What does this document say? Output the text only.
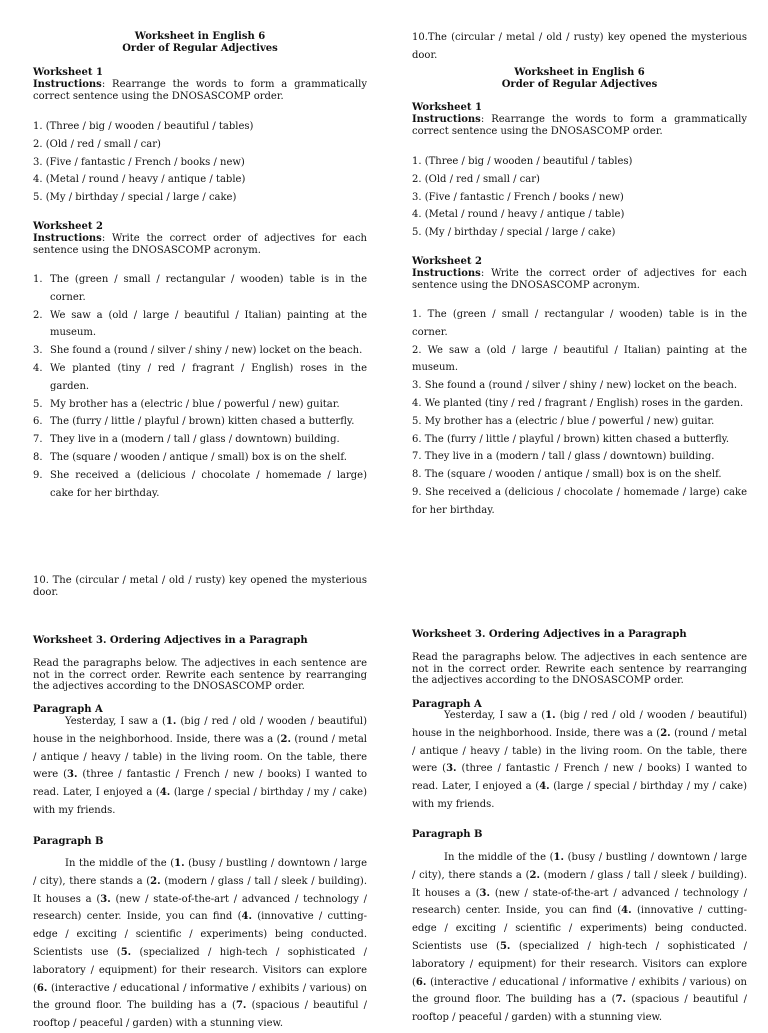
Worksheet in English 6
Order of Regular Adjectives
Worksheet 1
Instructions: Rearrange the words to form a grammatically correct sentence using the DNOSASCOMP order.
1. (Three / big / wooden / beautiful / tables)
2. (Old / red / small / car)
3. (Five / fantastic / French / books / new)
4. (Metal / round / heavy / antique / table)
5. (My / birthday / special / large / cake)
Worksheet 2
Instructions: Write the correct order of adjectives for each sentence using the DNOSASCOMP acronym.
1. The (green / small / rectangular / wooden) table is in the corner.
2. We saw a (old / large / beautiful / Italian) painting at the museum.
3. She found a (round / silver / shiny / new) locket on the beach.
4. We planted (tiny / red / fragrant / English) roses in the garden.
5. My brother has a (electric / blue / powerful / new) guitar.
6. The (furry / little / playful / brown) kitten chased a butterfly.
7. They live in a (modern / tall / glass / downtown) building.
8. The (square / wooden / antique / small) box is on the shelf.
9. She received a (delicious / chocolate / homemade / large) cake for her birthday.
10. The (circular / metal / old / rusty) key opened the mysterious door.
Worksheet 3. Ordering Adjectives in a Paragraph
Read the paragraphs below. The adjectives in each sentence are not in the correct order. Rewrite each sentence by rearranging the adjectives according to the DNOSASCOMP order.
Paragraph A
Yesterday, I saw a (1. (big / red / old / wooden / beautiful) house in the neighborhood. Inside, there was a (2. (round / metal / antique / heavy / table) in the living room. On the table, there were (3. (three / fantastic / French / new / books) I wanted to read. Later, I enjoyed a (4. (large / special / birthday / my / cake) with my friends.
Paragraph B
In the middle of the (1. (busy / bustling / downtown / large / city), there stands a (2. (modern / glass / tall / sleek / building). It houses a (3. (new / state-of-the-art / advanced / technology / research) center. Inside, you can find (4. (innovative / cutting-edge / exciting / scientific / experiments) being conducted. Scientists use (5. (specialized / high-tech / sophisticated / laboratory / equipment) for their research. Visitors can explore (6. (interactive / educational / informative / exhibits / various) on the ground floor. The building has a (7. (spacious / beautiful / rooftop / peaceful / garden) with a stunning view.
10.The (circular / metal / old / rusty) key opened the mysterious door.
Worksheet in English 6
Order of Regular Adjectives
Worksheet 1
Instructions: Rearrange the words to form a grammatically correct sentence using the DNOSASCOMP order.
1. (Three / big / wooden / beautiful / tables)
2. (Old / red / small / car)
3. (Five / fantastic / French / books / new)
4. (Metal / round / heavy / antique / table)
5. (My / birthday / special / large / cake)
Worksheet 2
Instructions: Write the correct order of adjectives for each sentence using the DNOSASCOMP acronym.
1. The (green / small / rectangular / wooden) table is in the corner.
2. We saw a (old / large / beautiful / Italian) painting at the museum.
3. She found a (round / silver / shiny / new) locket on the beach.
4. We planted (tiny / red / fragrant / English) roses in the garden.
5. My brother has a (electric / blue / powerful / new) guitar.
6. The (furry / little / playful / brown) kitten chased a butterfly.
7. They live in a (modern / tall / glass / downtown) building.
8. The (square / wooden / antique / small) box is on the shelf.
9. She received a (delicious / chocolate / homemade / large) cake for her birthday.
Worksheet 3. Ordering Adjectives in a Paragraph
Read the paragraphs below. The adjectives in each sentence are not in the correct order. Rewrite each sentence by rearranging the adjectives according to the DNOSASCOMP order.
Paragraph A
Yesterday, I saw a (1. (big / red / old / wooden / beautiful) house in the neighborhood. Inside, there was a (2. (round / metal / antique / heavy / table) in the living room. On the table, there were (3. (three / fantastic / French / new / books) I wanted to read. Later, I enjoyed a (4. (large / special / birthday / my / cake) with my friends.
Paragraph B
In the middle of the (1. (busy / bustling / downtown / large / city), there stands a (2. (modern / glass / tall / sleek / building). It houses a (3. (new / state-of-the-art / advanced / technology / research) center. Inside, you can find (4. (innovative / cutting-edge / exciting / scientific / experiments) being conducted. Scientists use (5. (specialized / high-tech / sophisticated / laboratory / equipment) for their research. Visitors can explore (6. (interactive / educational / informative / exhibits / various) on the ground floor. The building has a (7. (spacious / beautiful / rooftop / peaceful / garden) with a stunning view.
